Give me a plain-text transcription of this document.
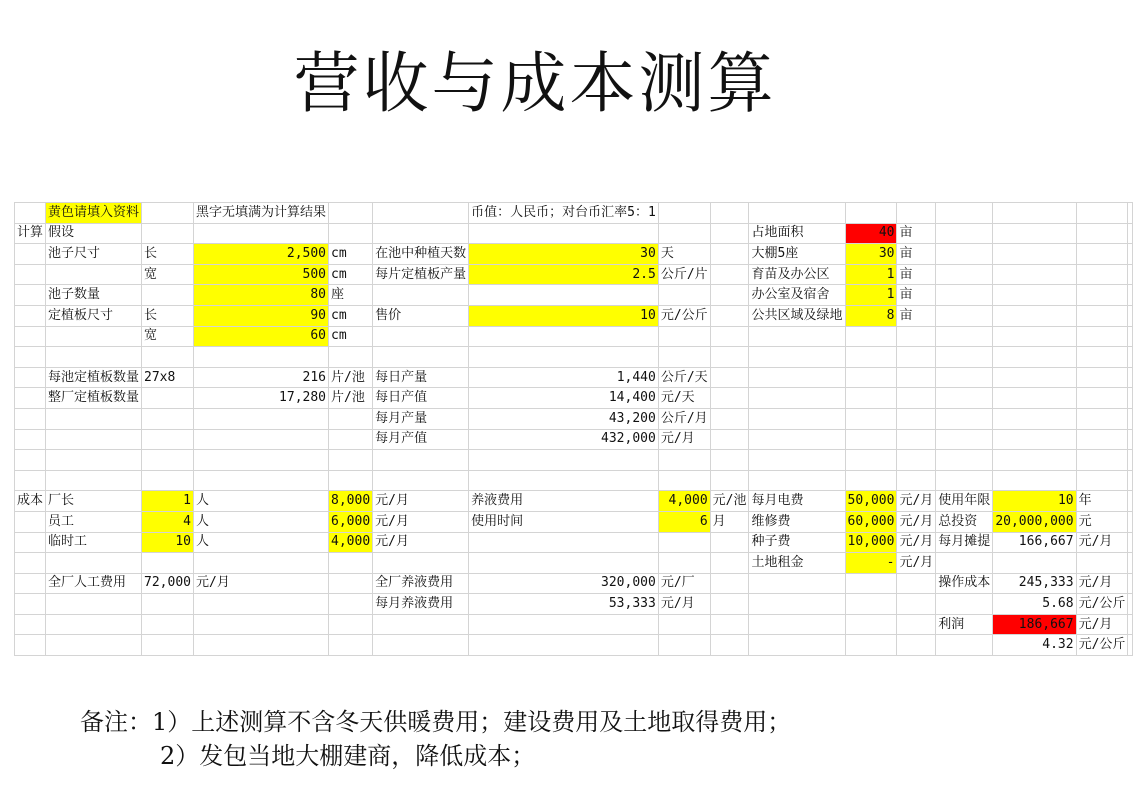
营收与成本测算
	黄色请填入资料		黑字无填满为计算结果			币值：人民币；对台币汇率5：1									
计算	假设								占地面积	40	亩				
	池子尺寸	长	2,500	cm	在池中种植天数	30	天		大棚5座	30	亩				
		宽	500	cm	每片定植板产量	2.5	公斤/片		育苗及办公区	1	亩				
	池子数量		80	座					办公室及宿舍	1	亩				
	定植板尺寸	长	90	cm	售价	10	元/公斤		公共区域及绿地	8	亩				
		宽	60	cm											

	每池定植板数量	27x8	216	片/池	每日产量	1,440	公斤/天								
	整厂定植板数量		17,280	片/池	每日产值	14,400	元/天								
					每月产量	43,200	公斤/月								
					每月产值	432,000	元/月								

成本	厂长	1	人	8,000	元/月	养液费用	4,000	元/池	每月电费	50,000	元/月	使用年限	10	年	
	员工	4	人	6,000	元/月	使用时间	6	月	维修费	60,000	元/月	总投资	20,000,000	元	
	临时工	10	人	4,000	元/月				种子费	10,000	元/月	每月摊提	166,667	元/月	
									土地租金	-	元/月				
	全厂人工费用	72,000	元/月		全厂养液费用	320,000	元/厂					操作成本	245,333	元/月	
					每月养液费用	53,333	元/月						5.68	元/公斤	
												利润	186,667	元/月	
													4.32	元/公斤	
备注：1）上述测算不含冬天供暖费用；建设费用及土地取得费用；
2）发包当地大棚建商，降低成本；
